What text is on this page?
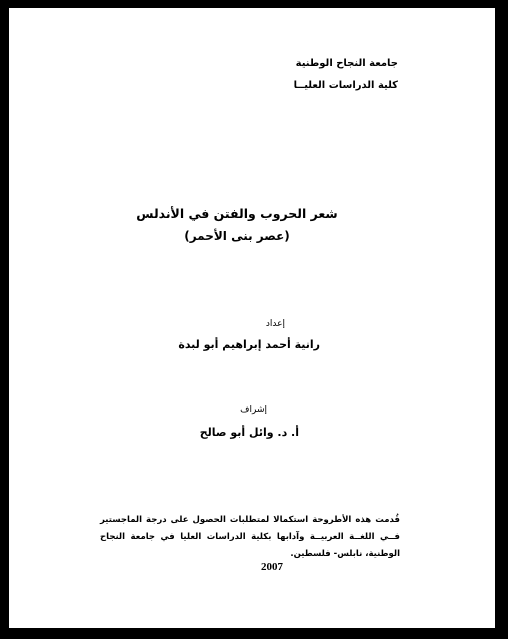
جامعة النجاح الوطنية

كلية الدراسات العليــا

شعر الحروب والفتن في الأندلس

(عصر بنى الأحمر)

إعداد

رانية أحمد إبراهيم أبو لبدة

إشراف

أ. د. وائل أبو صالح

قُدمت هذه الأطروحة استكمالا لمتطلبات الحصول على درجة الماجستير فــي اللغــة العربيــة وآدابها بكلية الدراسات العليا في جامعة النجاح الوطنية، نابلس- فلسطين.

2007
